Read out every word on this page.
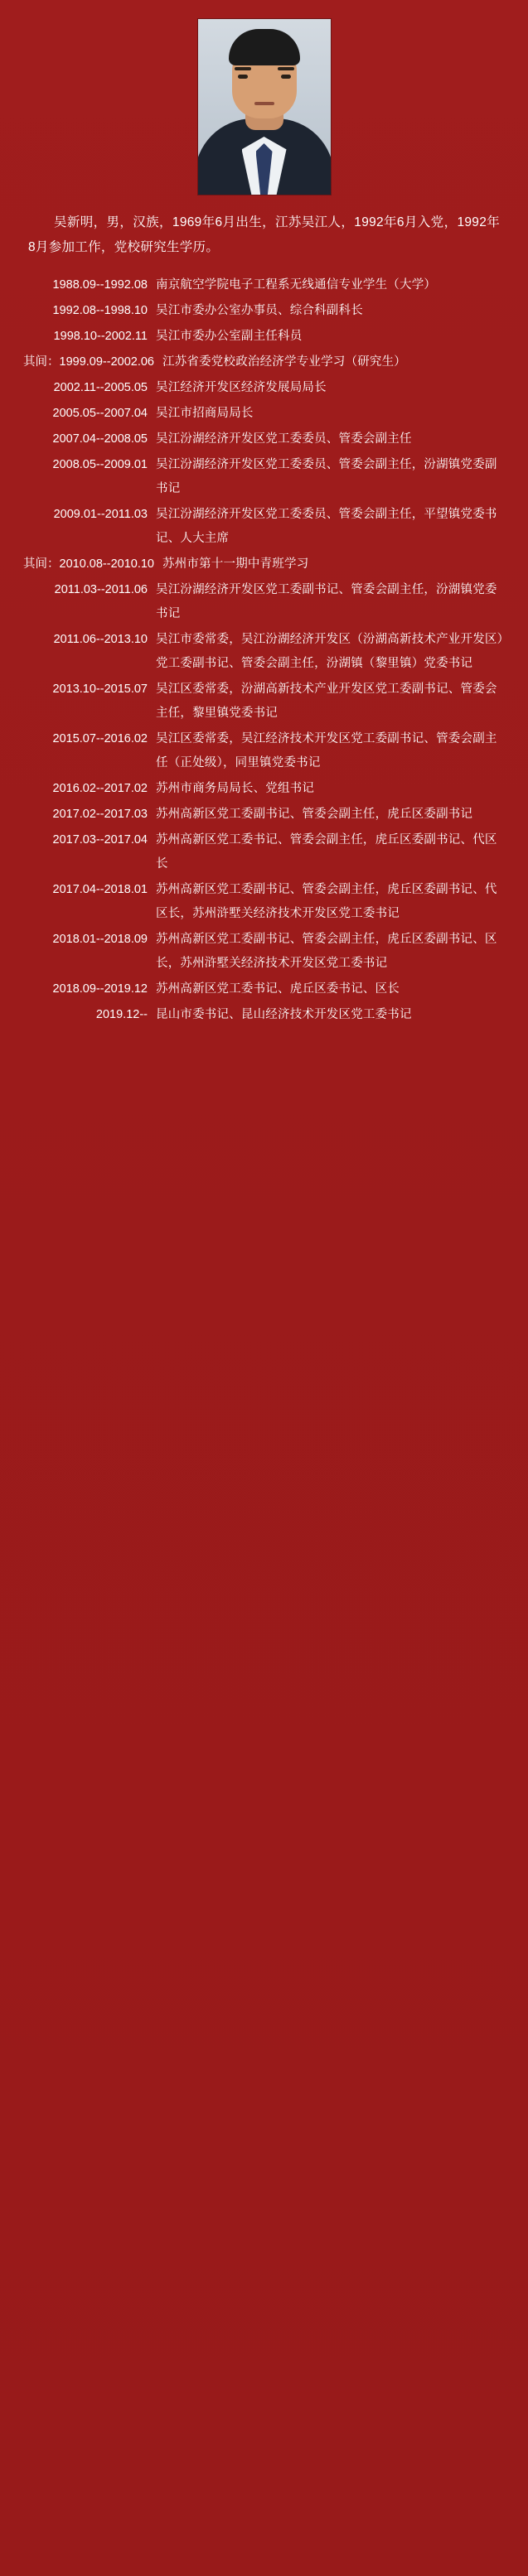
吴新明，男，汉族，1969年6月出生，江苏吴江人，1992年6月入党，1992年8月参加工作，党校研究生学历。
1988.09--1992.08 南京航空学院电子工程系无线通信专业学生（大学）
1992.08--1998.10 吴江市委办公室办事员、综合科副科长
1998.10--2002.11 吴江市委办公室副主任科员
其间：1999.09--2002.06 江苏省委党校政治经济学专业学习（研究生）
2002.11--2005.05 吴江经济开发区经济发展局局长
2005.05--2007.04 吴江市招商局局长
2007.04--2008.05 吴江汾湖经济开发区党工委委员、管委会副主任
2008.05--2009.01 吴江汾湖经济开发区党工委委员、管委会副主任，汾湖镇党委副书记
2009.01--2011.03 吴江汾湖经济开发区党工委委员、管委会副主任，平望镇党委书记、人大主席
其间：2010.08--2010.10 苏州市第十一期中青班学习
2011.03--2011.06 吴江汾湖经济开发区党工委副书记、管委会副主任，汾湖镇党委书记
2011.06--2013.10 吴江市委常委，吴江汾湖经济开发区（汾湖高新技术产业开发区）党工委副书记、管委会副主任，汾湖镇（黎里镇）党委书记
2013.10--2015.07 吴江区委常委，汾湖高新技术产业开发区党工委副书记、管委会主任，黎里镇党委书记
2015.07--2016.02 吴江区委常委，吴江经济技术开发区党工委副书记、管委会副主任（正处级），同里镇党委书记
2016.02--2017.02 苏州市商务局局长、党组书记
2017.02--2017.03 苏州高新区党工委副书记、管委会副主任，虎丘区委副书记
2017.03--2017.04 苏州高新区党工委书记、管委会副主任，虎丘区委副书记、代区长
2017.04--2018.01 苏州高新区党工委副书记、管委会副主任，虎丘区委副书记、代区长，苏州浒墅关经济技术开发区党工委书记
2018.01--2018.09 苏州高新区党工委副书记、管委会副主任，虎丘区委副书记、区长，苏州浒墅关经济技术开发区党工委书记
2018.09--2019.12 苏州高新区党工委书记、虎丘区委书记、区长
2019.12-- 昆山市委书记、昆山经济技术开发区党工委书记
